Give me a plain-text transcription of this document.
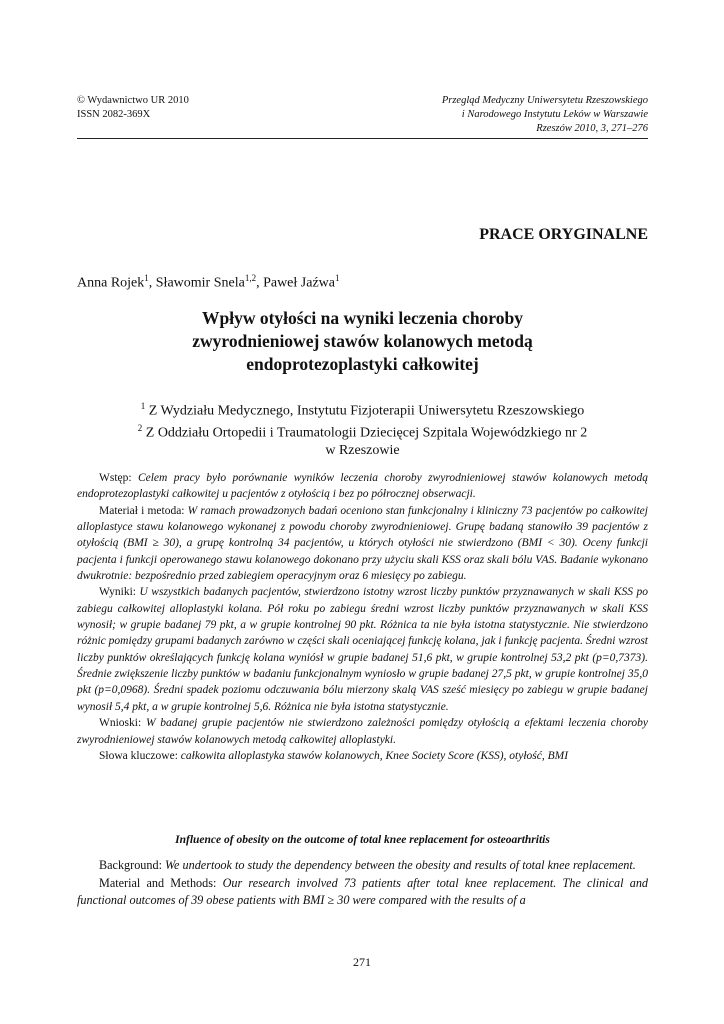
© Wydawnictwo UR 2010
ISSN 2082-369X
Przegląd Medyczny Uniwersytetu Rzeszowskiego
i Narodowego Instytutu Leków w Warszawie
Rzeszów 2010, 3, 271–276
PRACE ORYGINALNE
Anna Rojek$^1$, Sławomir Snela$^{1,2}$, Paweł Jaźwa$^1$
Wpływ otyłości na wyniki leczenia choroby
zwyrodnieniowej stawów kolanowych metodą
endoprotezoplastyki całkowitej
$^1$ Z Wydziału Medycznego, Instytutu Fizjoterapii Uniwersytetu Rzeszowskiego
$^2$ Z Oddziału Ortopedii i Traumatologii Dziecięcej Szpitala Wojewódzkiego nr 2
w Rzeszowie

Wstęp: Celem pracy było porównanie wyników leczenia choroby zwyrodnieniowej stawów kolanowych metodą endoprotezoplastyki całkowitej u pacjentów z otyłością i bez po półrocznej obserwacji.

Materiał i metoda: W ramach prowadzonych badań oceniono stan funkcjonalny i kliniczny 73 pacjentów po całkowitej alloplastyce stawu kolanowego wykonanej z powodu choroby zwyrodnieniowej. Grupę badaną stanowiło 39 pacjentów z otyłością (BMI ≥ 30), a grupę kontrolną 34 pacjentów, u których otyłości nie stwierdzono (BMI < 30). Oceny funkcji pacjenta i funkcji operowanego stawu kolanowego dokonano przy użyciu skali KSS oraz skali bólu VAS. Badanie wykonano dwukrotnie: bezpośrednio przed zabiegiem operacyjnym oraz 6 miesięcy po zabiegu.

Wyniki: U wszystkich badanych pacjentów, stwierdzono istotny wzrost liczby punktów przyznawanych w skali KSS po zabiegu całkowitej alloplastyki kolana. Pół roku po zabiegu średni wzrost liczby punktów przyznawanych w skali KSS wynosił; w grupie badanej 79 pkt, a w grupie kontrolnej 90 pkt. Różnica ta nie była istotna statystycznie. Nie stwierdzono różnic pomiędzy grupami badanych zarówno w części skali oceniającej funkcję kolana, jak i funkcję pacjenta. Średni wzrost liczby punktów określających funkcję kolana wyniósł w grupie badanej 51,6 pkt, w grupie kontrolnej 53,2 pkt (p=0,7373). Średnie zwiększenie liczby punktów w badaniu funkcjonalnym wyniosło w grupie badanej 27,5 pkt, w grupie kontrolnej 35,0 pkt (p=0,0968). Średni spadek poziomu odczuwania bólu mierzony skalą VAS sześć miesięcy po zabiegu w grupie badanej wynosił 5,4 pkt, a w grupie kontrolnej 5,6. Różnica nie była istotna statystycznie.

Wnioski: W badanej grupie pacjentów nie stwierdzono zależności pomiędzy otyłością a efektami leczenia choroby zwyrodnieniowej stawów kolanowych metodą całkowitej alloplastyki.

Słowa kluczowe: całkowita alloplastyka stawów kolanowych, Knee Society Score (KSS), otyłość, BMI

Influence of obesity on the outcome of total knee replacement for osteoarthritis

Background: We undertook to study the dependency between the obesity and results of total knee replacement.

Material and Methods: Our research involved 73 patients after total knee replacement. The clinical and functional outcomes of 39 obese patients with BMI ≥ 30 were compared with the results of a

271
